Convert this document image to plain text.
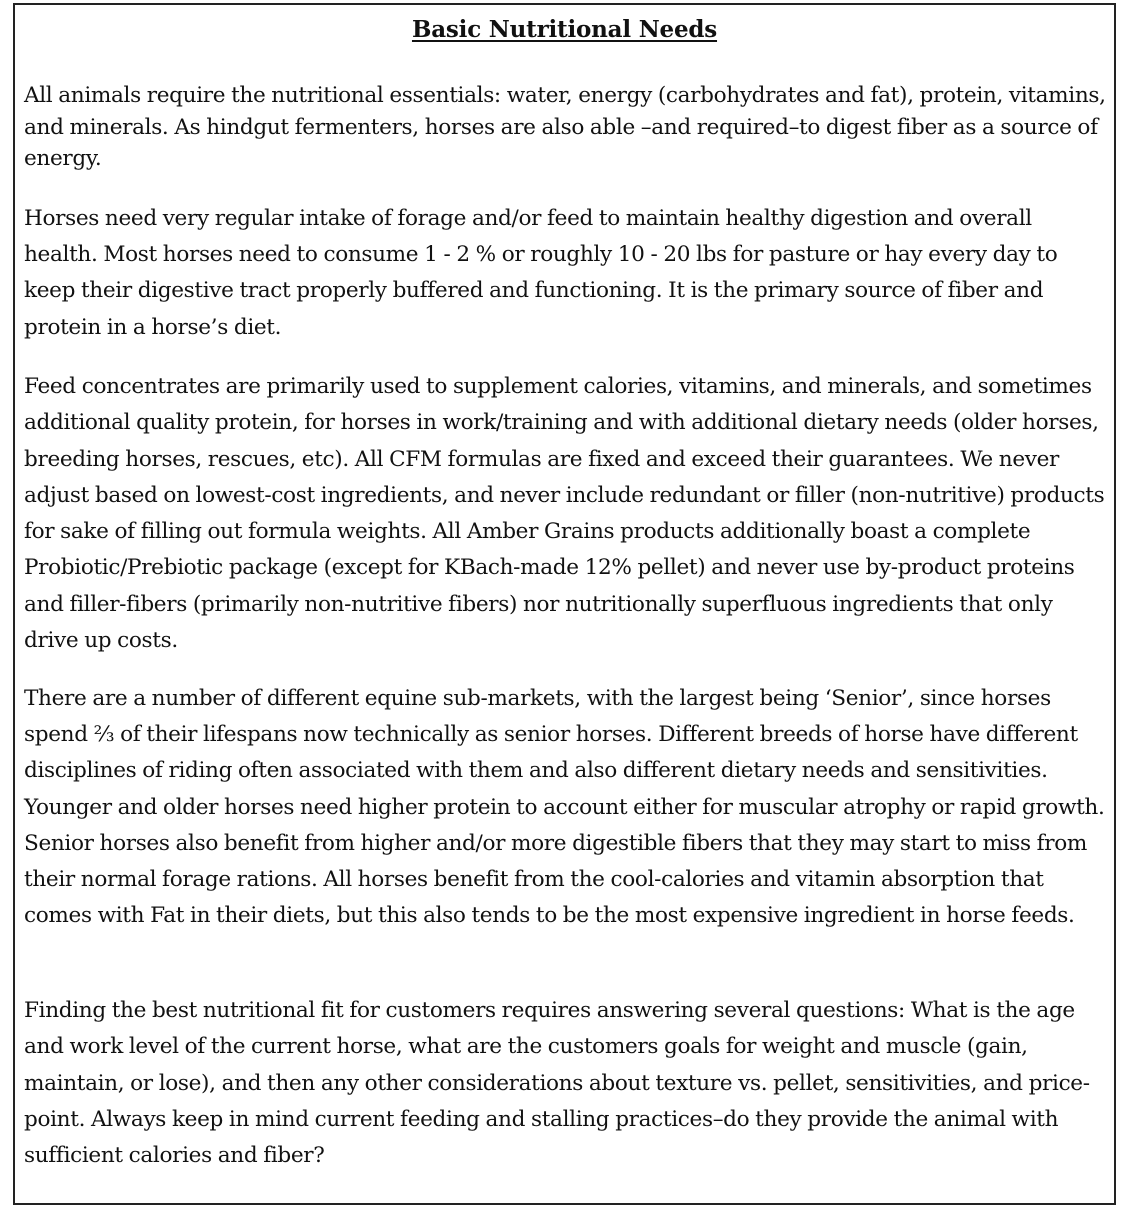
Basic Nutritional Needs

All animals require the nutritional essentials: water, energy (carbohydrates and fat), protein, vitamins, and minerals. As hindgut fermenters, horses are also able –and required–to digest fiber as a source of energy.

Horses need very regular intake of forage and/or feed to maintain healthy digestion and overall health. Most horses need to consume 1 - 2 % or roughly 10 - 20 lbs for pasture or hay every day to keep their digestive tract properly buffered and functioning. It is the primary source of fiber and protein in a horse’s diet.

Feed concentrates are primarily used to supplement calories, vitamins, and minerals, and sometimes additional quality protein, for horses in work/training and with additional dietary needs (older horses, breeding horses, rescues, etc). All CFM formulas are fixed and exceed their guarantees. We never adjust based on lowest-cost ingredients, and never include redundant or filler (non-nutritive) products for sake of filling out formula weights. All Amber Grains products additionally boast a complete Probiotic/Prebiotic package (except for KBach-made 12% pellet) and never use by-product proteins and filler-fibers (primarily non-nutritive fibers) nor nutritionally superfluous ingredients that only drive up costs.

There are a number of different equine sub-markets, with the largest being ‘Senior’, since horses spend ⅔ of their lifespans now technically as senior horses. Different breeds of horse have different disciplines of riding often associated with them and also different dietary needs and sensitivities. Younger and older horses need higher protein to account either for muscular atrophy or rapid growth. Senior horses also benefit from higher and/or more digestible fibers that they may start to miss from their normal forage rations. All horses benefit from the cool-calories and vitamin absorption that comes with Fat in their diets, but this also tends to be the most expensive ingredient in horse feeds.

Finding the best nutritional fit for customers requires answering several questions: What is the age and work level of the current horse, what are the customers goals for weight and muscle (gain, maintain, or lose), and then any other considerations about texture vs. pellet, sensitivities, and price-point. Always keep in mind current feeding and stalling practices–do they provide the animal with sufficient calories and fiber?
